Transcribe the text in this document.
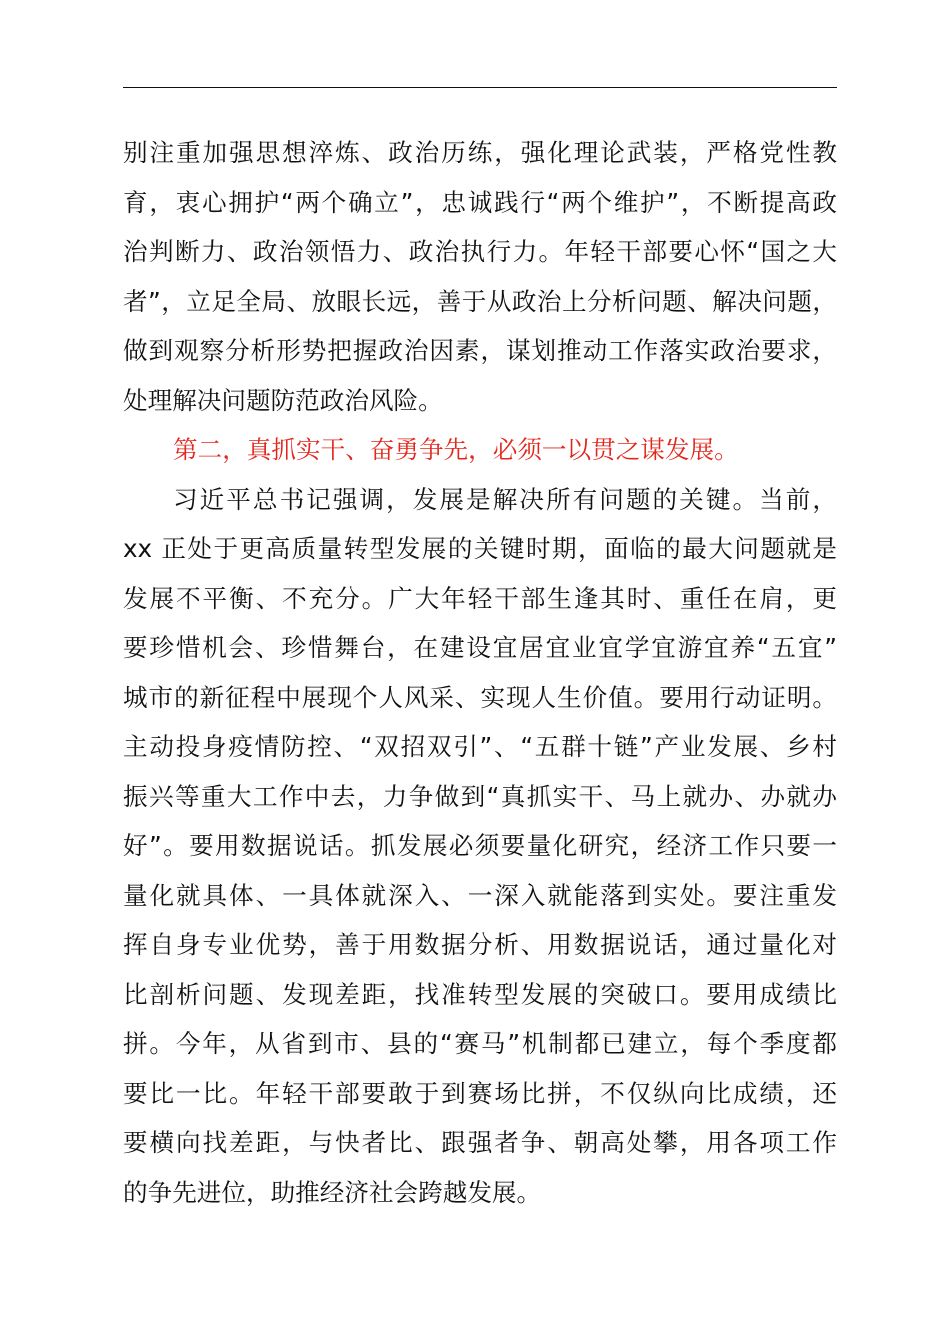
别注重加强思想淬炼、政治历练，强化理论武装，严格党性教
育，衷心拥护“两个确立”，忠诚践行“两个维护”，不断提高政
治判断力、政治领悟力、政治执行力。年轻干部要心怀“国之大
者”，立足全局、放眼长远，善于从政治上分析问题、解决问题，
做到观察分析形势把握政治因素，谋划推动工作落实政治要求，
处理解决问题防范政治风险。
第二，真抓实干、奋勇争先，必须一以贯之谋发展。
习近平总书记强调，发展是解决所有问题的关键。当前，
xx 正处于更高质量转型发展的关键时期，面临的最大问题就是
发展不平衡、不充分。广大年轻干部生逢其时、重任在肩，更
要珍惜机会、珍惜舞台，在建设宜居宜业宜学宜游宜养“五宜”
城市的新征程中展现个人风采、实现人生价值。要用行动证明。
主动投身疫情防控、“双招双引”、“五群十链”产业发展、乡村
振兴等重大工作中去，力争做到“真抓实干、马上就办、办就办
好”。要用数据说话。抓发展必须要量化研究，经济工作只要一
量化就具体、一具体就深入、一深入就能落到实处。要注重发
挥自身专业优势，善于用数据分析、用数据说话，通过量化对
比剖析问题、发现差距，找准转型发展的突破口。要用成绩比
拼。今年，从省到市、县的“赛马”机制都已建立，每个季度都
要比一比。年轻干部要敢于到赛场比拼，不仅纵向比成绩，还
要横向找差距，与快者比、跟强者争、朝高处攀，用各项工作
的争先进位，助推经济社会跨越发展。
